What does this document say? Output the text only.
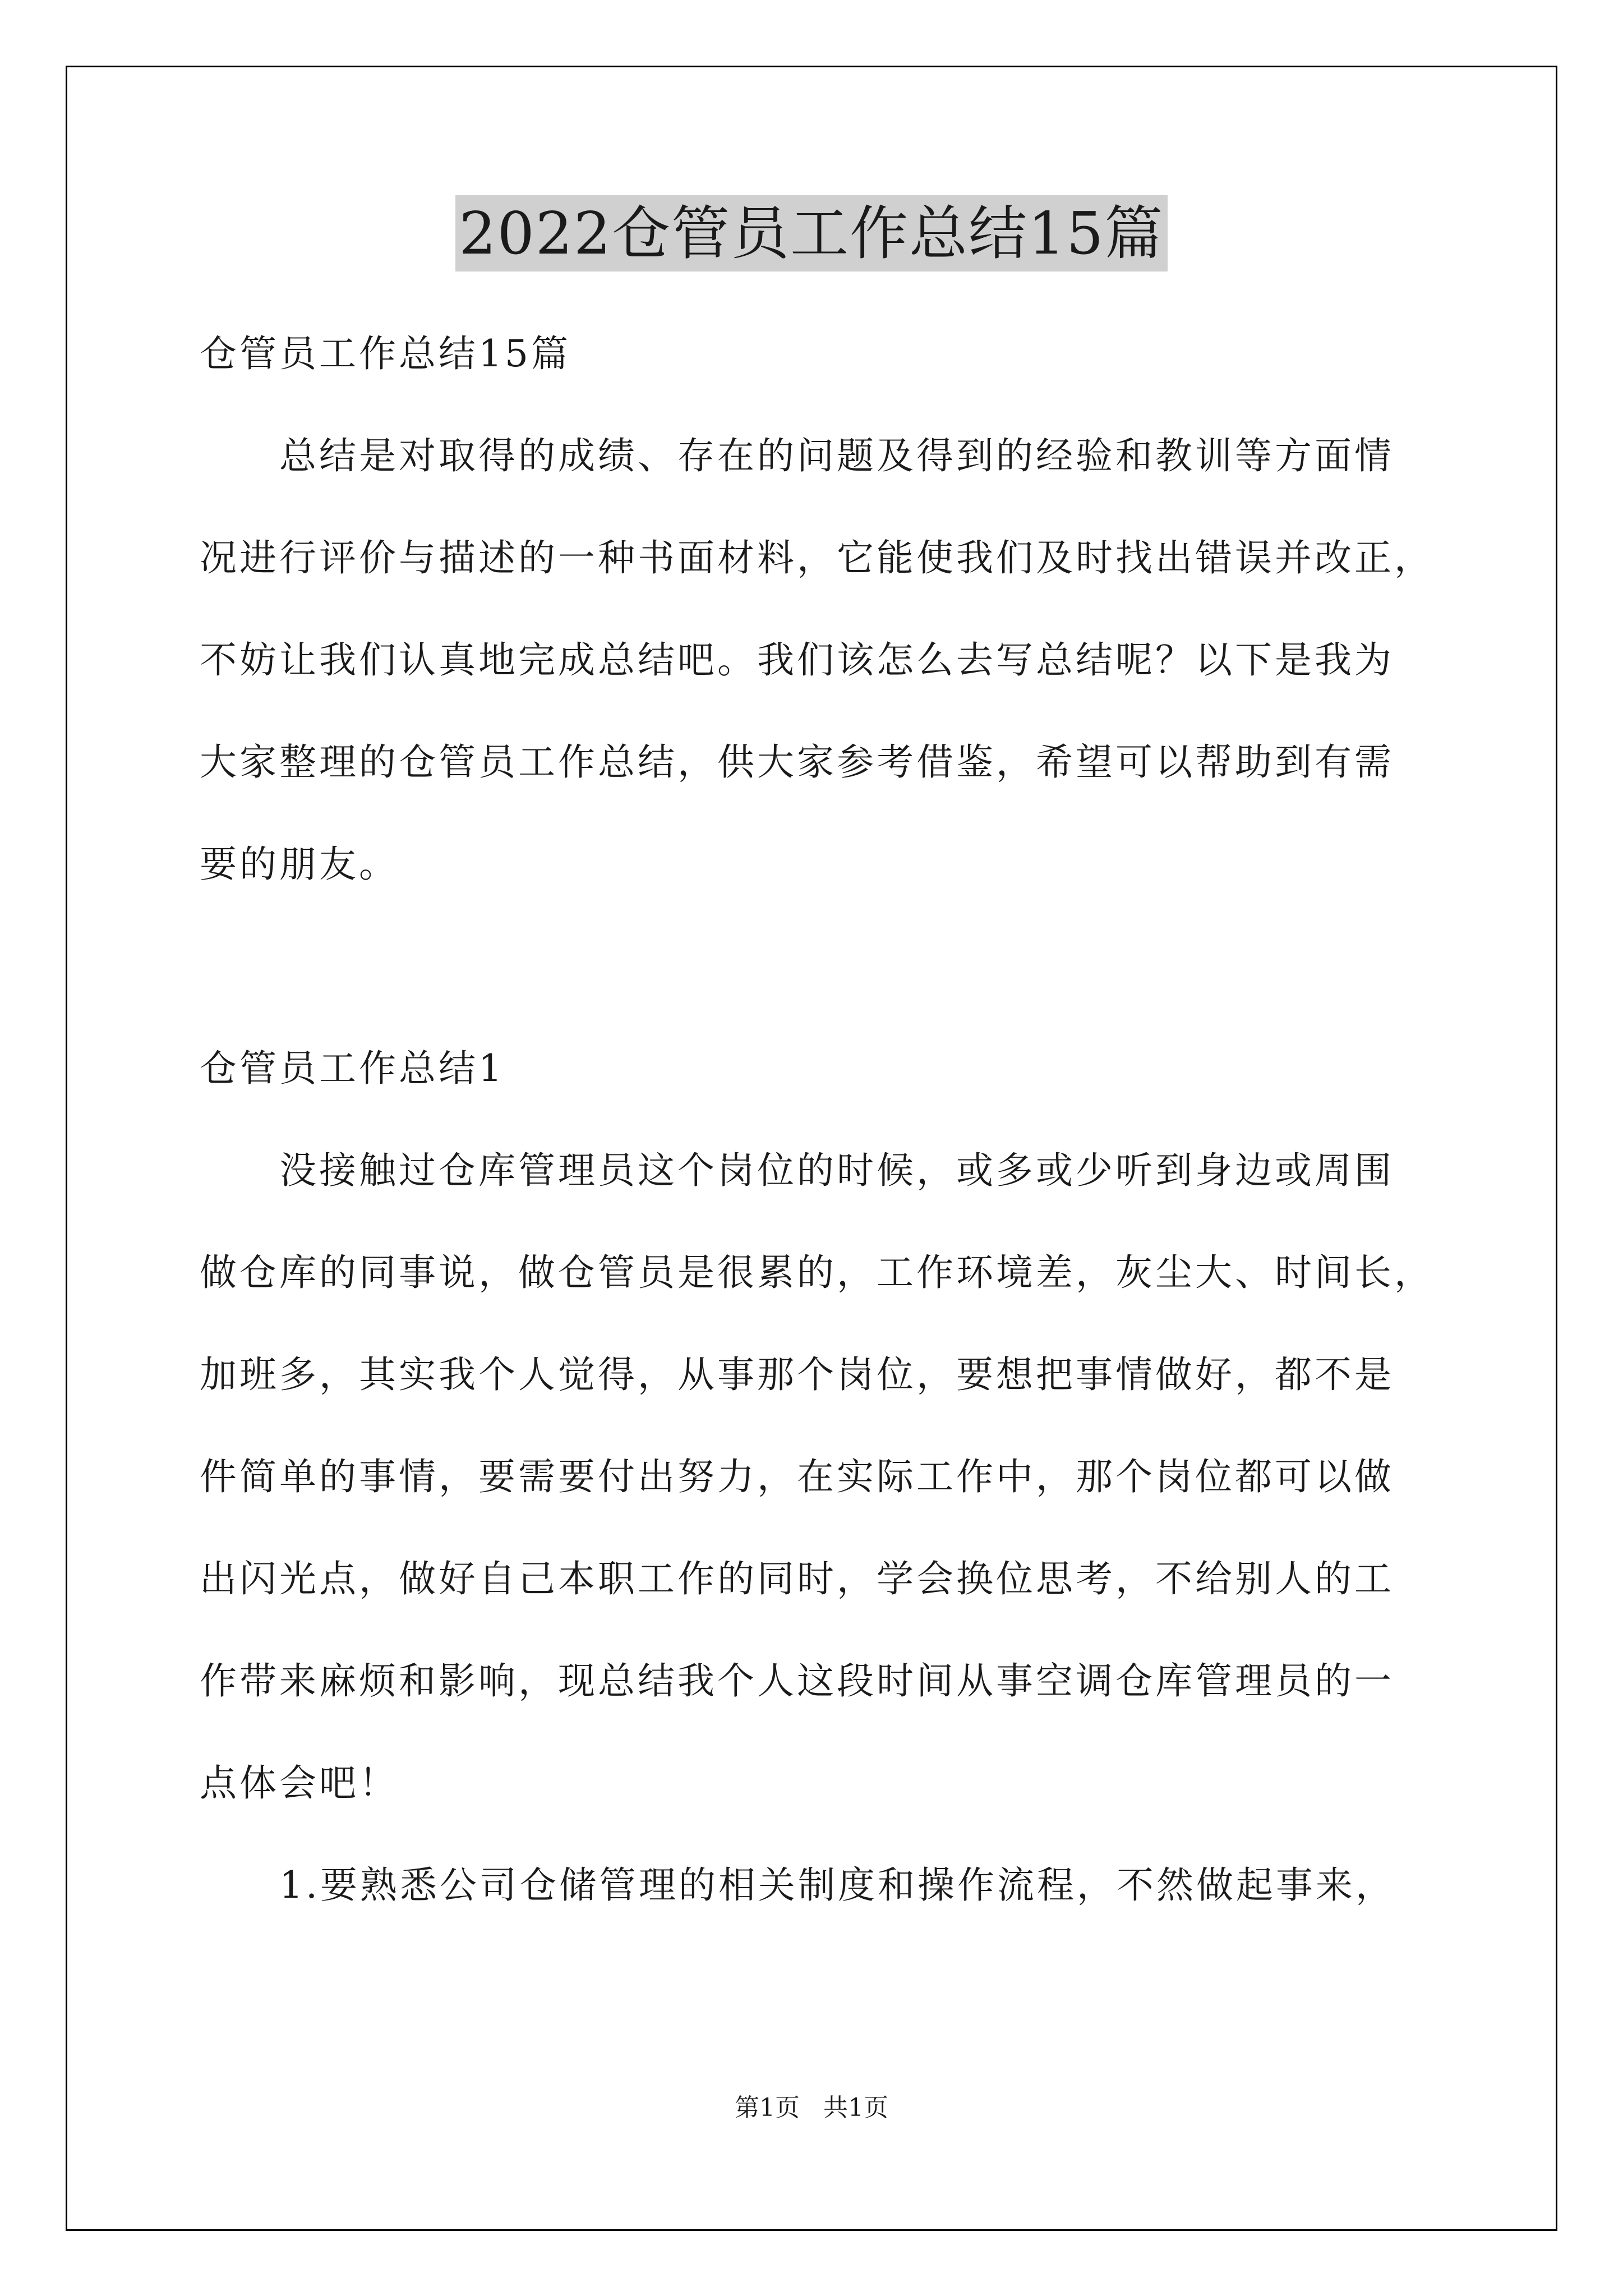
2022仓管员工作总结15篇
仓管员工作总结15篇
总结是对取得的成绩、存在的问题及得到的经验和教训等方面情
况进行评价与描述的一种书面材料，它能使我们及时找出错误并改正，
不妨让我们认真地完成总结吧。我们该怎么去写总结呢？以下是我为
大家整理的仓管员工作总结，供大家参考借鉴，希望可以帮助到有需
要的朋友。
仓管员工作总结1
没接触过仓库管理员这个岗位的时候，或多或少听到身边或周围
做仓库的同事说，做仓管员是很累的，工作环境差，灰尘大、时间长，
加班多，其实我个人觉得，从事那个岗位，要想把事情做好，都不是
件简单的事情，要需要付出努力，在实际工作中，那个岗位都可以做
出闪光点，做好自己本职工作的同时，学会换位思考，不给别人的工
作带来麻烦和影响，现总结我个人这段时间从事空调仓库管理员的一
点体会吧！
1.要熟悉公司仓储管理的相关制度和操作流程，不然做起事来，
第1页   共1页
